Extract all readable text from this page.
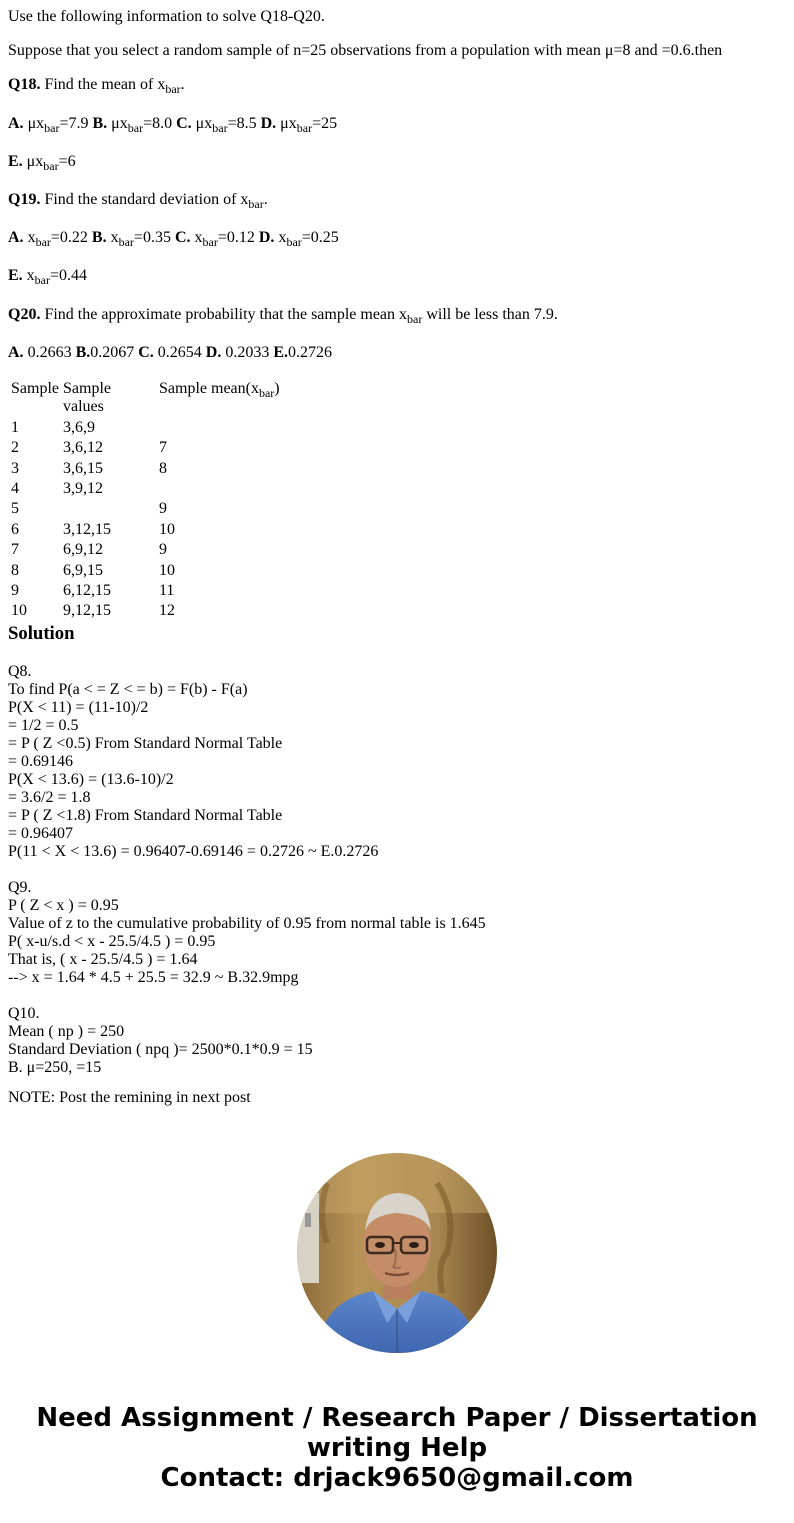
Use the following information to solve Q18-Q20.

Suppose that you select a random sample of n=25 observations from a population with mean μ=8 and =0.6.then

Q18. Find the mean of $x_{bar}$.

A. $\mu x_{bar}=7.9$ B. $\mu x_{bar}=8.0$ C. $\mu x_{bar}=8.5$ D. $\mu x_{bar}=25$

E. $\mu x_{bar}=6$

Q19. Find the standard deviation of $x_{bar}$.

A. $x_{bar}=0.22$ B. $x_{bar}=0.35$ C. $x_{bar}=0.12$ D. $x_{bar}=0.25$

E. $x_{bar}=0.44$

Q20. Find the approximate probability that the sample mean $x_{bar}$ will be less than 7.9.

A. 0.2663 B.0.2067 C. 0.2654 D. 0.2033 E.0.2726

Sample	Sample values	Sample $mean(x_{bar})$
1	3,6,9	
2	3,6,12	7
3	3,6,15	8
4	3,9,12	
5		9
6	3,12,15	10
7	6,9,12	9
8	6,9,15	10
9	6,12,15	11
10	9,12,15	12
Solution
Q8.
To find P(a < = Z < = b) = F(b) - F(a)
P(X < 11) = (11-10)/2
= 1/2 = 0.5
= P ( Z <0.5) From Standard Normal Table
= 0.69146
P(X < 13.6) = (13.6-10)/2
= 3.6/2 = 1.8
= P ( Z <1.8) From Standard Normal Table
= 0.96407
P(11 < X < 13.6) = 0.96407-0.69146 = 0.2726 ~ E.0.2726
Q9.
P ( Z < x ) = 0.95
Value of z to the cumulative probability of 0.95 from normal table is 1.645
P( x-u/s.d < x - 25.5/4.5 ) = 0.95
That is, ( x - 25.5/4.5 ) = 1.64
--> x = 1.64 * 4.5 + 25.5 = 32.9 ~ B.32.9mpg
Q10.
Mean ( np ) = 250
Standard Deviation ( npq )= 2500*0.1*0.9 = 15
B. μ=250, =15

NOTE: Post the remining in next post

Need Assignment / Research Paper / Dissertation
writing Help
Contact: drjack9650@gmail.com
